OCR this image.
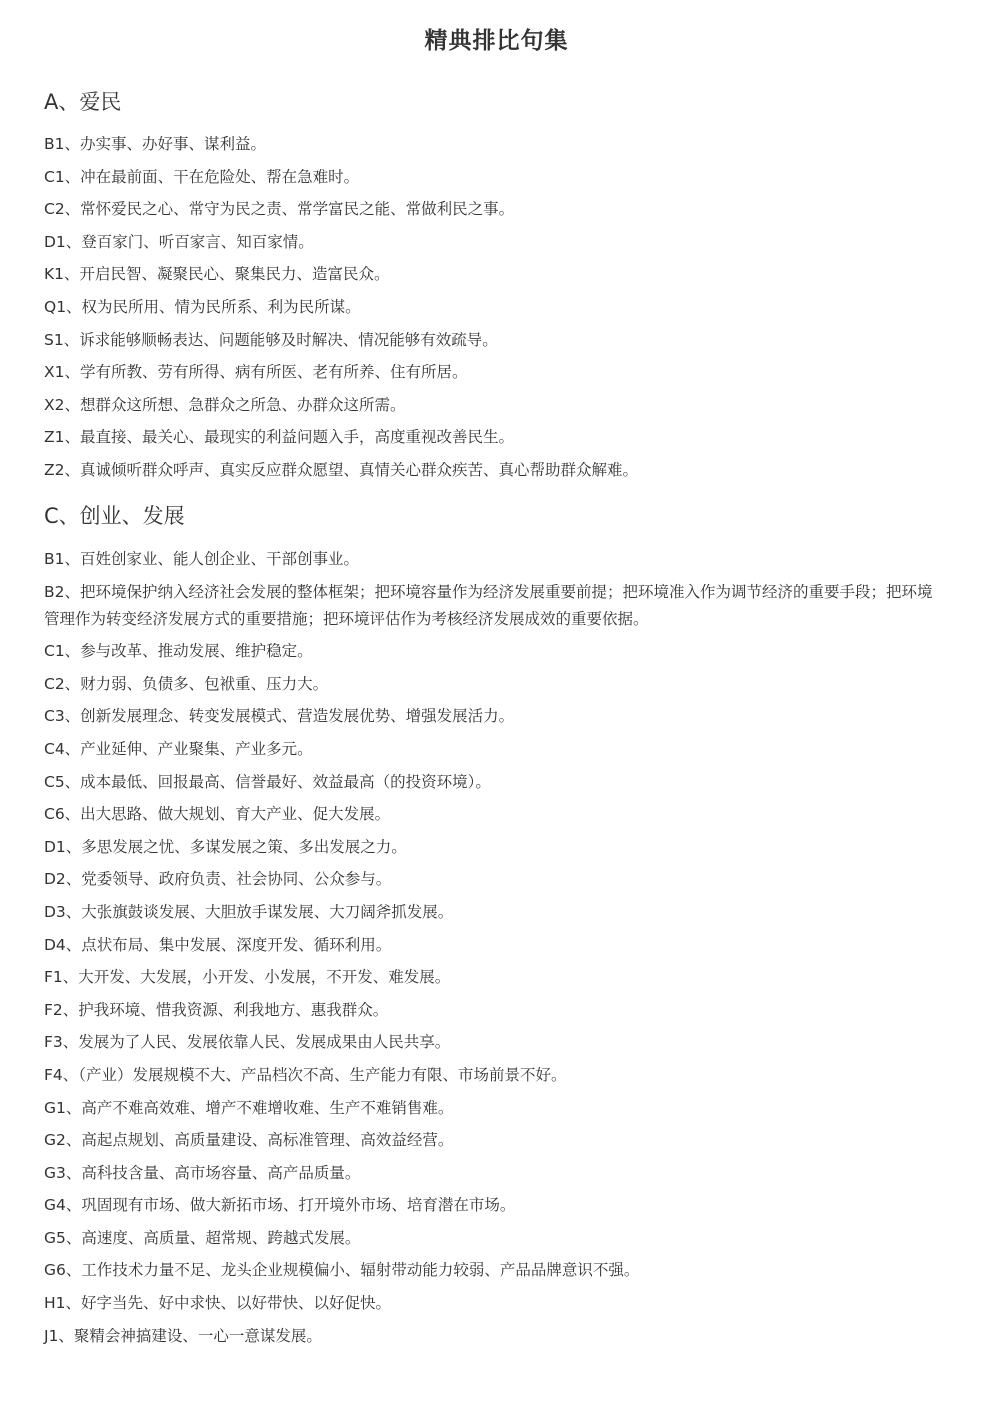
精典排比句集
A、爱民
B1、办实事、办好事、谋利益。
C1、冲在最前面、干在危险处、帮在急难时。
C2、常怀爱民之心、常守为民之责、常学富民之能、常做利民之事。
D1、登百家门、听百家言、知百家情。
K1、开启民智、凝聚民心、聚集民力、造富民众。
Q1、权为民所用、情为民所系、利为民所谋。
S1、诉求能够顺畅表达、问题能够及时解决、情况能够有效疏导。
X1、学有所教、劳有所得、病有所医、老有所养、住有所居。
X2、想群众这所想、急群众之所急、办群众这所需。
Z1、最直接、最关心、最现实的利益问题入手，高度重视改善民生。
Z2、真诚倾听群众呼声、真实反应群众愿望、真情关心群众疾苦、真心帮助群众解难。
C、创业、发展
B1、百姓创家业、能人创企业、干部创事业。
B2、把环境保护纳入经济社会发展的整体框架；把环境容量作为经济发展重要前提；把环境准入作为调节经济的重要手段；把环境管理作为转变经济发展方式的重要措施；把环境评估作为考核经济发展成效的重要依据。
C1、参与改革、推动发展、维护稳定。
C2、财力弱、负债多、包袱重、压力大。
C3、创新发展理念、转变发展模式、营造发展优势、增强发展活力。
C4、产业延伸、产业聚集、产业多元。
C5、成本最低、回报最高、信誉最好、效益最高（的投资环境）。
C6、出大思路、做大规划、育大产业、促大发展。
D1、多思发展之忧、多谋发展之策、多出发展之力。
D2、党委领导、政府负责、社会协同、公众参与。
D3、大张旗鼓谈发展、大胆放手谋发展、大刀阔斧抓发展。
D4、点状布局、集中发展、深度开发、循环利用。
F1、大开发、大发展，小开发、小发展，不开发、难发展。
F2、护我环境、惜我资源、利我地方、惠我群众。
F3、发展为了人民、发展依靠人民、发展成果由人民共享。
F4、（产业）发展规模不大、产品档次不高、生产能力有限、市场前景不好。
G1、高产不难高效难、增产不难增收难、生产不难销售难。
G2、高起点规划、高质量建设、高标准管理、高效益经营。
G3、高科技含量、高市场容量、高产品质量。
G4、巩固现有市场、做大新拓市场、打开境外市场、培育潜在市场。
G5、高速度、高质量、超常规、跨越式发展。
G6、工作技术力量不足、龙头企业规模偏小、辐射带动能力较弱、产品品牌意识不强。
H1、好字当先、好中求快、以好带快、以好促快。
J1、聚精会神搞建设、一心一意谋发展。
